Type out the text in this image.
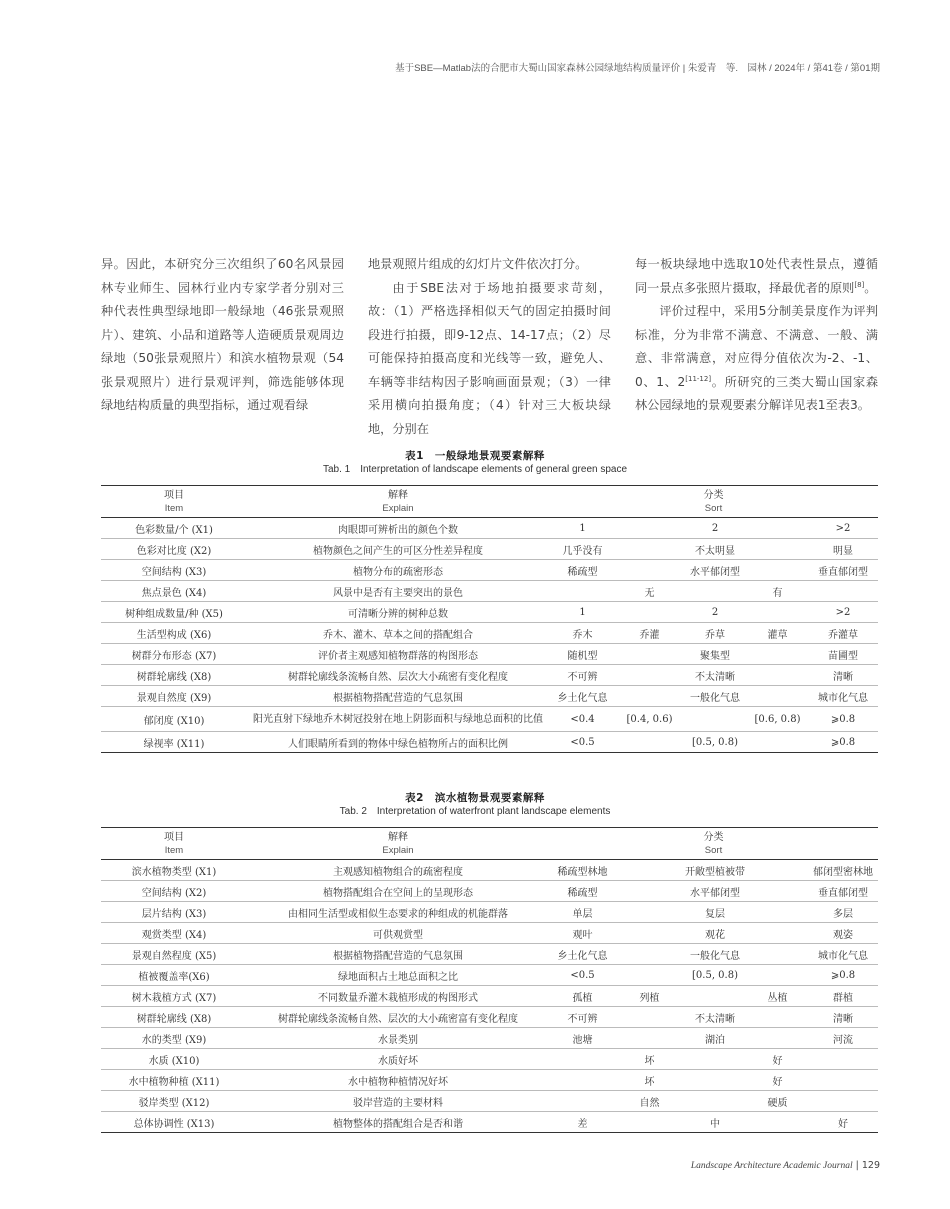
基于SBE—Matlab法的合肥市大蜀山国家森林公园绿地结构质量评价 | 朱爱青　等.　园林 / 2024年 / 第41卷 / 第01期

异。因此，本研究分三次组织了60名风景园林专业师生、园林行业内专家学者分别对三种代表性典型绿地即一般绿地（46张景观照片）、建筑、小品和道路等人造硬质景观周边绿地（50张景观照片）和滨水植物景观（54张景观照片）进行景观评判，筛选能够体现绿地结构质量的典型指标，通过观看绿

地景观照片组成的幻灯片文件依次打分。

由于SBE法对于场地拍摄要求苛刻，故：（1）严格选择相似天气的固定拍摄时间段进行拍摄，即9-12点、14-17点；（2）尽可能保持拍摄高度和光线等一致，避免人、车辆等非结构因子影响画面景观；（3）一律采用横向拍摄角度；（4）针对三大板块绿地，分别在

每一板块绿地中选取10处代表性景点，遵循同一景点多张照片摄取，择最优者的原则[8]。

评价过程中，采用5分制美景度作为评判标准，分为非常不满意、不满意、一般、满意、非常满意，对应得分值依次为-2、-1、0、1、2[11-12]。所研究的三类大蜀山国家森林公园绿地的景观要素分解详见表1至表3。

表1　一般绿地景观要素解释
Tab. 1　Interpretation of landscape elements of general green space
项目	解释	分类				
Item	Explain	Sort				
色彩数量/个 (X1)	肉眼即可辨析出的颜色个数	1		2		>2
色彩对比度 (X2)	植物颜色之间产生的可区分性差异程度	几乎没有		不太明显		明显
空间结构 (X3)	植物分布的疏密形态	稀疏型		水平郁闭型		垂直郁闭型
焦点景色 (X4)	风景中是否有主要突出的景色		无		有	
树种组成数量/种 (X5)	可清晰分辨的树种总数	1		2		>2
生活型构成 (X6)	乔木、灌木、草本之间的搭配组合	乔木	乔灌	乔草	灌草	乔灌草
树群分布形态 (X7)	评价者主观感知植物群落的构图形态	随机型		聚集型		苗圃型
树群轮廓线 (X8)	树群轮廓线条流畅自然、层次大小疏密有变化程度	不可辨		不太清晰		清晰
景观自然度 (X9)	根据植物搭配营造的气息氛围	乡土化气息		一般化气息		城市化气息
郁闭度 (X10)	阳光直射下绿地乔木树冠投射在地上阴影面积与绿地总面积的比值	<0.4	[0.4, 0.6)		[0.6, 0.8)	⩾0.8
绿视率 (X11)	人们眼睛所看到的物体中绿色植物所占的面积比例	<0.5		[0.5, 0.8)		⩾0.8
表2　滨水植物景观要素解释
Tab. 2　Interpretation of waterfront plant landscape elements
项目	解释	分类				
Item	Explain	Sort				
滨水植物类型 (X1)	主观感知植物组合的疏密程度	稀疏型林地		开敞型植被带		郁闭型密林地
空间结构 (X2)	植物搭配组合在空间上的呈现形态	稀疏型		水平郁闭型		垂直郁闭型
层片结构 (X3)	由相同生活型或相似生态要求的种组成的机能群落	单层		复层		多层
观赏类型 (X4)	可供观赏型	观叶		观花		观姿
景观自然程度 (X5)	根据植物搭配营造的气息氛围	乡土化气息		一般化气息		城市化气息
植被覆盖率(X6)	绿地面积占土地总面积之比	<0.5		[0.5, 0.8)		⩾0.8
树木栽植方式 (X7)	不同数量乔灌木栽植形成的构图形式	孤植	列植		丛植	群植
树群轮廓线 (X8)	树群轮廓线条流畅自然、层次的大小疏密富有变化程度	不可辨		不太清晰		清晰
水的类型 (X9)	水景类别	池塘		湖泊		河流
水质 (X10)	水质好坏		坏		好	
水中植物种植 (X11)	水中植物种植情况好坏		坏		好	
驳岸类型 (X12)	驳岸营造的主要材料		自然		硬质	
总体协调性 (X13)	植物整体的搭配组合是否和谐	差		中		好
Landscape Architecture Academic Journal | 129
